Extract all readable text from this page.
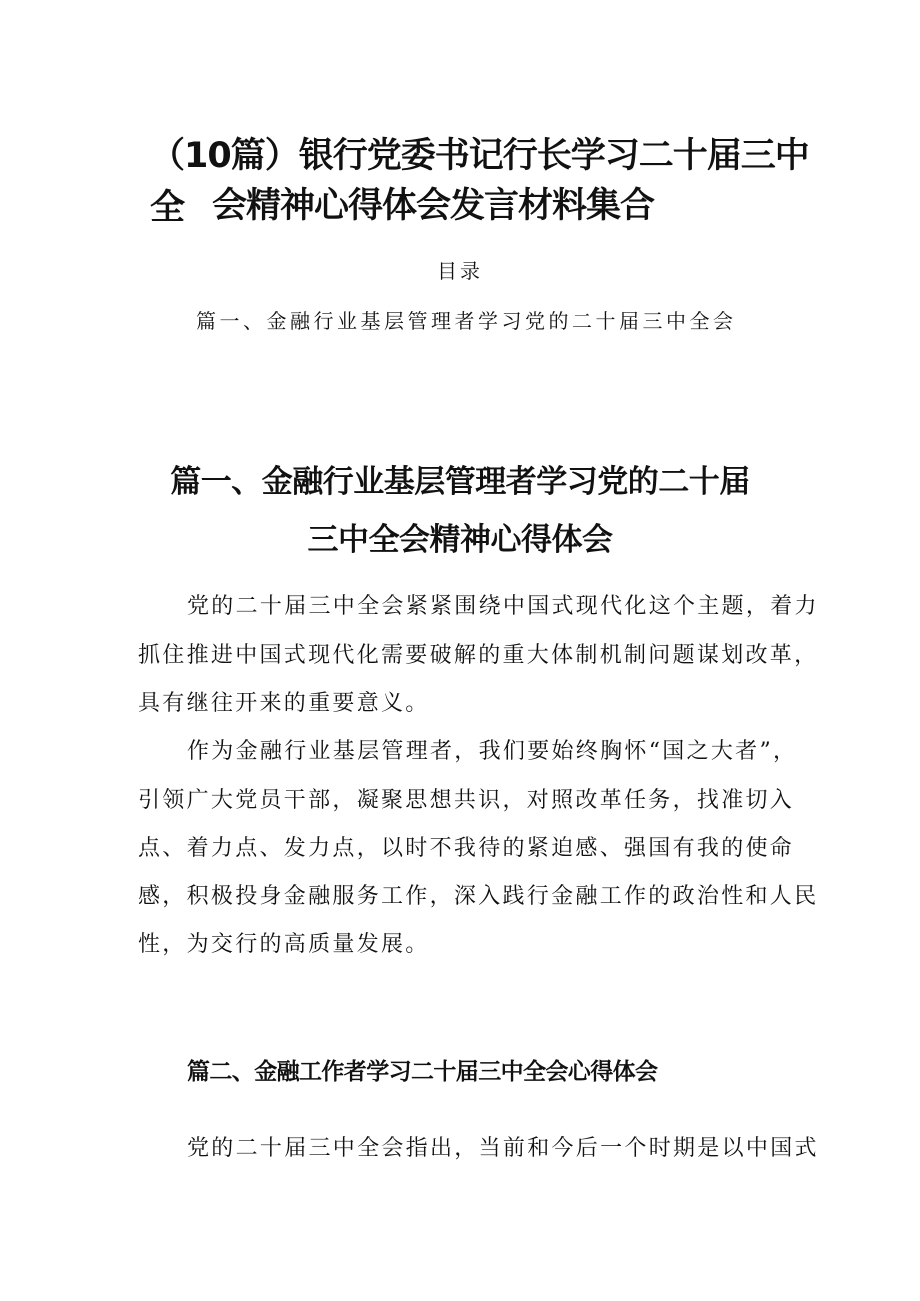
（10篇）银行党委书记行长学习二十届三中全 会精神心得体会发言材料集合
目录
篇一、金融行业基层管理者学习党的二十届三中全会
篇一、金融行业基层管理者学习党的二十届
三中全会精神心得体会
党的二十届三中全会紧紧围绕中国式现代化这个主题，着力
抓住推进中国式现代化需要破解的重大体制机制问题谋划改革，
具有继往开来的重要意义。
作为金融行业基层管理者，我们要始终胸怀“国之大者”，
引领广大党员干部，凝聚思想共识，对照改革任务，找准切入
点、着力点、发力点，以时不我待的紧迫感、强国有我的使命
感，积极投身金融服务工作，深入践行金融工作的政治性和人民
性，为交行的高质量发展。
篇二、金融工作者学习二十届三中全会心得体会
党的二十届三中全会指出，当前和今后一个时期是以中国式
